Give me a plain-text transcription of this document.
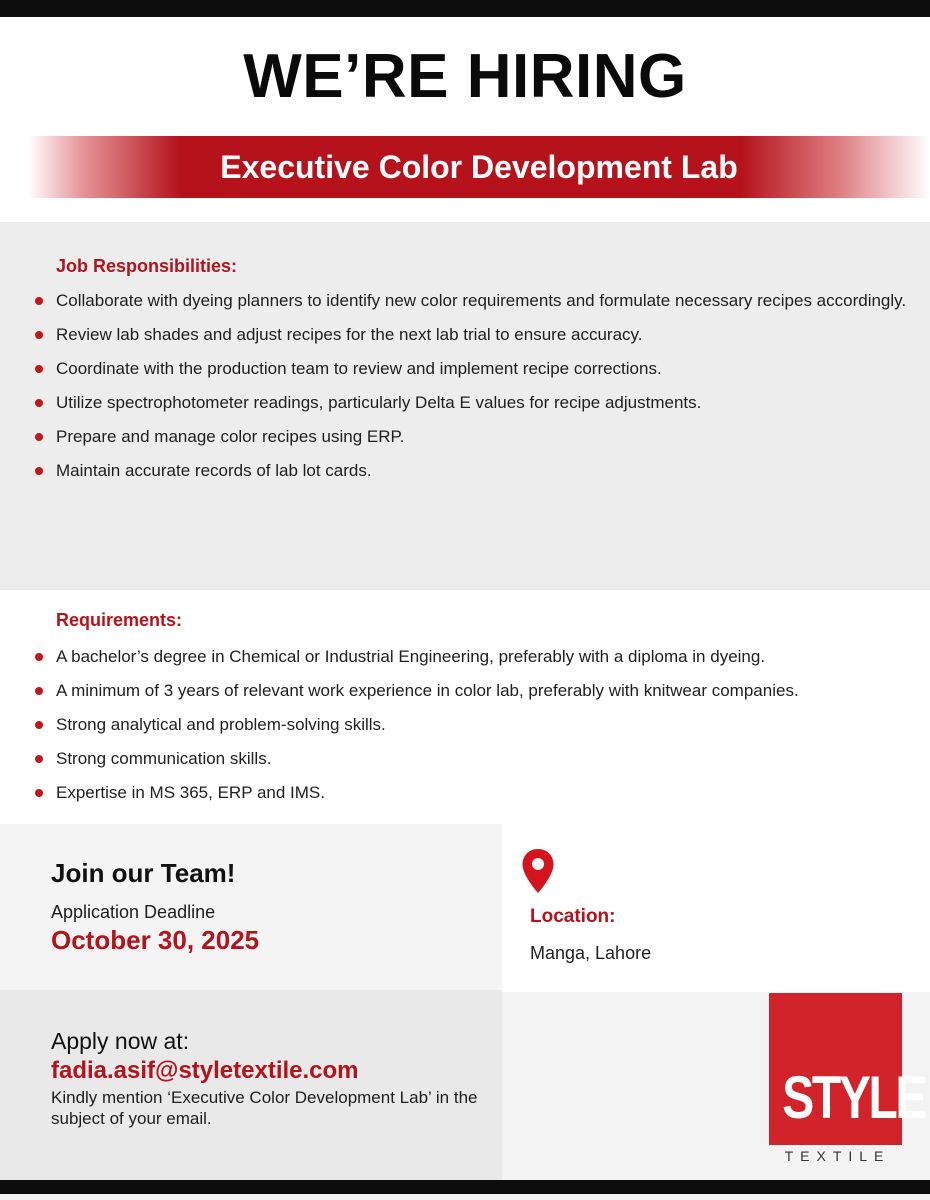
WE’RE HIRING
Executive Color Development Lab
Job Responsibilities:
Collaborate with dyeing planners to identify new color requirements and formulate necessary recipes accordingly.
Review lab shades and adjust recipes for the next lab trial to ensure accuracy.
Coordinate with the production team to review and implement recipe corrections.
Utilize spectrophotometer readings, particularly Delta E values for recipe adjustments.
Prepare and manage color recipes using ERP.
Maintain accurate records of lab lot cards.
Requirements:
A bachelor’s degree in Chemical or Industrial Engineering, preferably with a diploma in dyeing.
A minimum of 3 years of relevant work experience in color lab, preferably with knitwear companies.
Strong analytical and problem-solving skills.
Strong communication skills.
Expertise in MS 365, ERP and IMS.
Join our Team!
Application Deadline
October 30, 2025
Location:
Manga, Lahore
Apply now at:
fadia.asif@styletextile.com
Kindly mention ‘Executive Color Development Lab’ in the subject of your email.	STYLE
TEXTILE
